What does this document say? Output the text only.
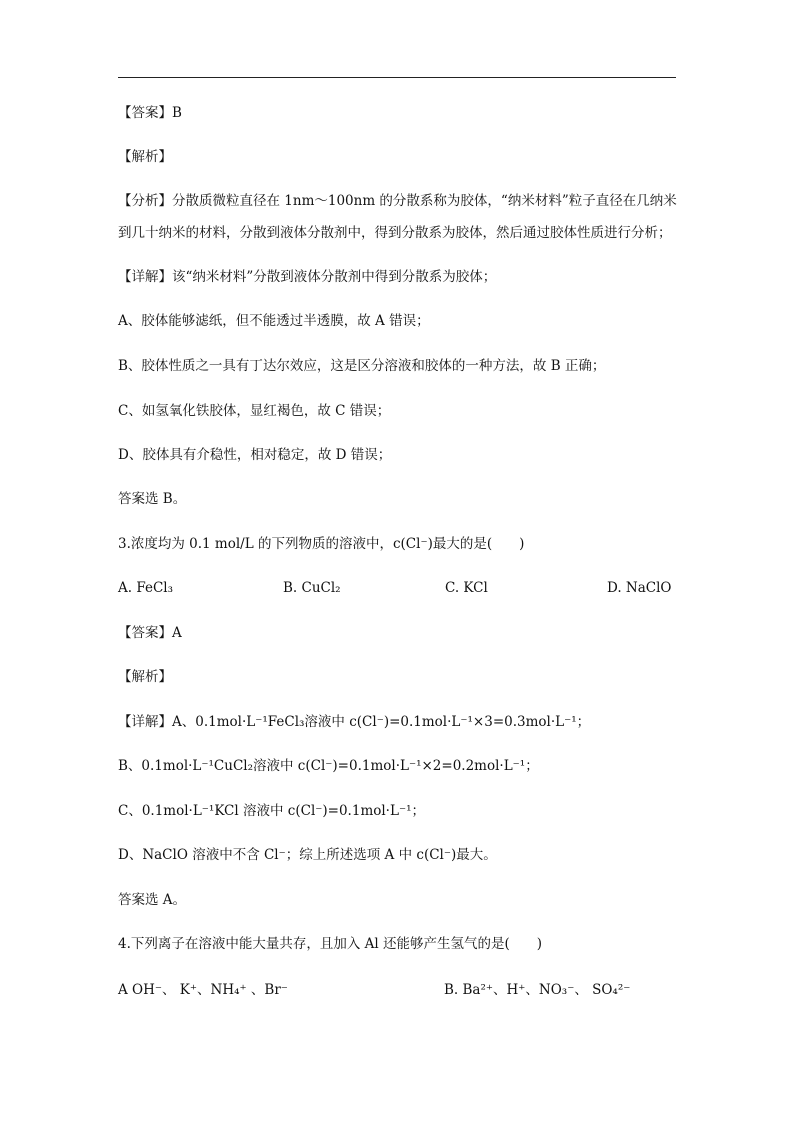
【答案】B
【解析】
【分析】分散质微粒直径在 1nm～100nm 的分散系称为胶体，“纳米材料”粒子直径在几纳米
到几十纳米的材料，分散到液体分散剂中，得到分散系为胶体，然后通过胶体性质进行分析；
【详解】该“纳米材料”分散到液体分散剂中得到分散系为胶体；
A、胶体能够滤纸，但不能透过半透膜，故 A 错误；
B、胶体性质之一具有丁达尔效应，这是区分溶液和胶体的一种方法，故 B 正确；
C、如氢氧化铁胶体，显红褐色，故 C 错误；
D、胶体具有介稳性，相对稳定，故 D 错误；
答案选 B。
3.浓度均为 0.1 mol/L 的下列物质的溶液中，c(Cl⁻)最大的是(　　)
A. FeCl₃	B. CuCl₂	C. KCl	D. NaClO
【答案】A
【解析】
【详解】A、0.1mol·L⁻¹FeCl₃溶液中 c(Cl⁻)=0.1mol·L⁻¹×3=0.3mol·L⁻¹；
B、0.1mol·L⁻¹CuCl₂溶液中 c(Cl⁻)=0.1mol·L⁻¹×2=0.2mol·L⁻¹；
C、0.1mol·L⁻¹KCl 溶液中 c(Cl⁻)=0.1mol·L⁻¹；
D、NaClO 溶液中不含 Cl⁻；综上所述选项 A 中 c(Cl⁻)最大。
答案选 A。
4.下列离子在溶液中能大量共存，且加入 Al 还能够产生氢气的是(　　)
A OH⁻、 K⁺、NH₄⁺ 、Br⁻	B. Ba²⁺、H⁺、NO₃⁻、 SO₄²⁻
